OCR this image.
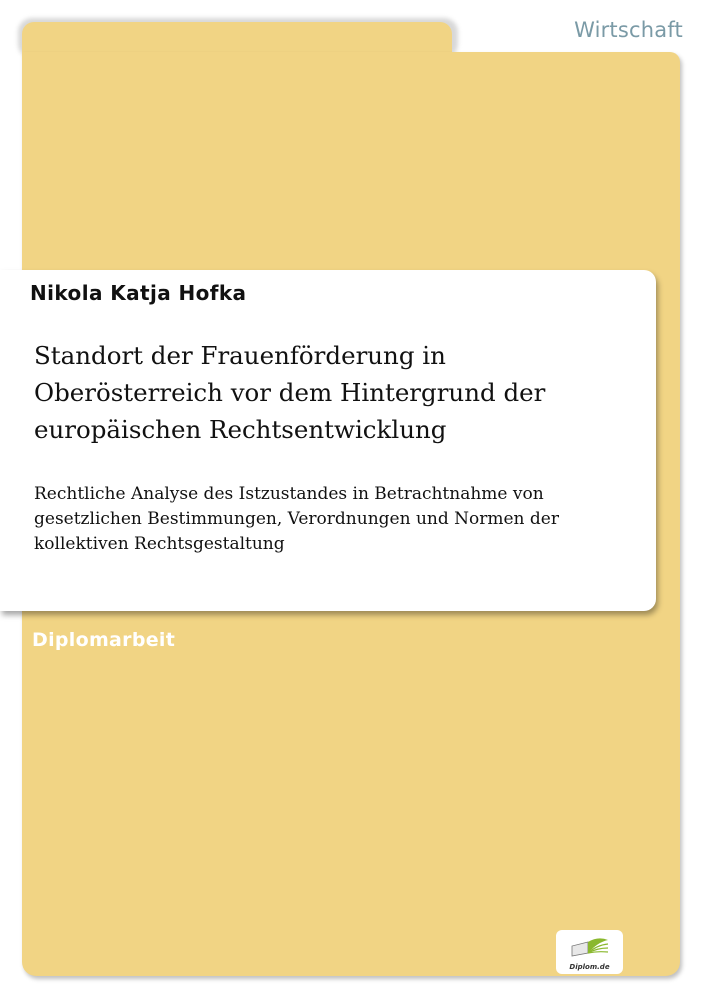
Wirtschaft
Nikola Katja Hofka
Standort der Frauenförderung in Oberösterreich vor dem Hintergrund der europäischen Rechtsentwicklung

Rechtliche Analyse des Istzustandes in Betrachtnahme von gesetzlichen Bestimmungen, Verordnungen und Normen der kollektiven Rechtsgestaltung

Diplomarbeit
Diplom.de
